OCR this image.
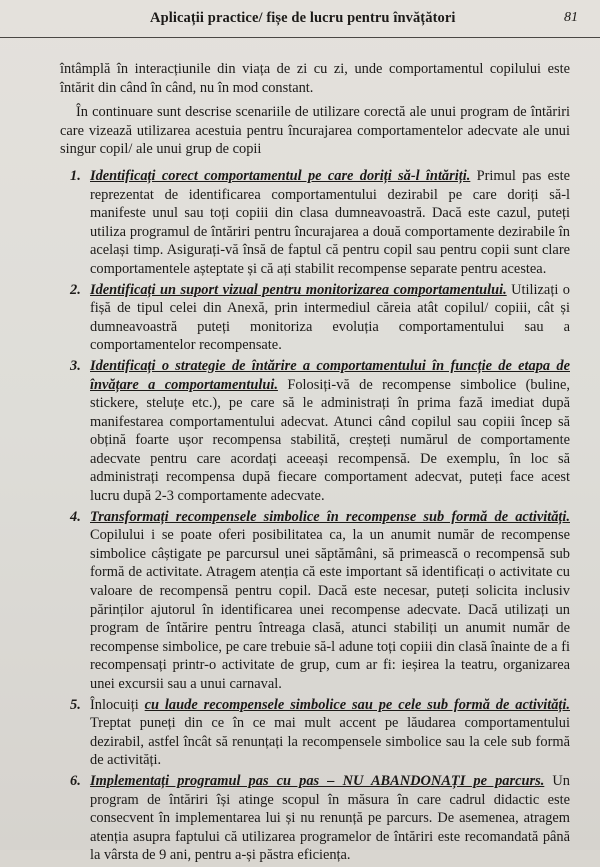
Aplicații practice/ fișe de lucru pentru învățători	81

întâmplă în interacțiunile din viața de zi cu zi, unde comportamentul copilului este întărit din când în când, nu în mod constant.

În continuare sunt descrise scenariile de utilizare corectă ale unui program de întăriri care vizează utilizarea acestuia pentru încurajarea comportamentelor adecvate ale unui singur copil/ ale unui grup de copii

1. Identificați corect comportamentul pe care doriți să-l întăriți. Primul pas este reprezentat de identificarea comportamentului dezirabil pe care doriți să-l manifeste unul sau toți copiii din clasa dumneavoastră. Dacă este cazul, puteți utiliza programul de întăriri pentru încurajarea a două comportamente dezirabile în același timp. Asigurați-vă însă de faptul că pentru copil sau pentru copii sunt clare comportamentele așteptate și că ați stabilit recompense separate pentru acestea.
2. Identificați un suport vizual pentru monitorizarea comportamentului. Utilizați o fișă de tipul celei din Anexă, prin intermediul căreia atât copilul/ copiii, cât și dumneavoastră puteți monitoriza evoluția comportamentului sau a comportamentelor recompensate.
3. Identificați o strategie de întărire a comportamentului în funcție de etapa de învățare a comportamentului. Folosiți-vă de recompense simbolice (buline, stickere, steluțe etc.), pe care să le administrați în prima fază imediat după manifestarea comportamentului adecvat. Atunci când copilul sau copiii încep să obțină foarte ușor recompensa stabilită, creșteți numărul de comportamente adecvate pentru care acordați aceeași recompensă. De exemplu, în loc să administrați recompensa după fiecare comportament adecvat, puteți face acest lucru după 2-3 comportamente adecvate.
4. Transformați recompensele simbolice în recompense sub formă de activități. Copilului i se poate oferi posibilitatea ca, la un anumit număr de recompense simbolice câștigate pe parcursul unei săptămâni, să primească o recompensă sub formă de activitate. Atragem atenția că este important să identificați o activitate cu valoare de recompensă pentru copil. Dacă este necesar, puteți solicita inclusiv părinților ajutorul în identificarea unei recompense adecvate. Dacă utilizați un program de întărire pentru întreaga clasă, atunci stabiliți un anumit număr de recompense simbolice, pe care trebuie să-l adune toți copiii din clasă înainte de a fi recompensați printr-o activitate de grup, cum ar fi: ieșirea la teatru, organizarea unei excursii sau a unui carnaval.
5. Înlocuiți cu laude recompensele simbolice sau pe cele sub formă de activități. Treptat puneți din ce în ce mai mult accent pe lăudarea comportamentului dezirabil, astfel încât să renunțați la recompensele simbolice sau la cele sub formă de activități.
6. Implementați programul pas cu pas – NU ABANDONAȚI pe parcurs. Un program de întăriri își atinge scopul în măsura în care cadrul didactic este consecvent în implementarea lui și nu renunță pe parcurs. De asemenea, atragem atenția asupra faptului că utilizarea programelor de întăriri este recomandată până la vârsta de 9 ani, pentru a-și păstra eficiența.
